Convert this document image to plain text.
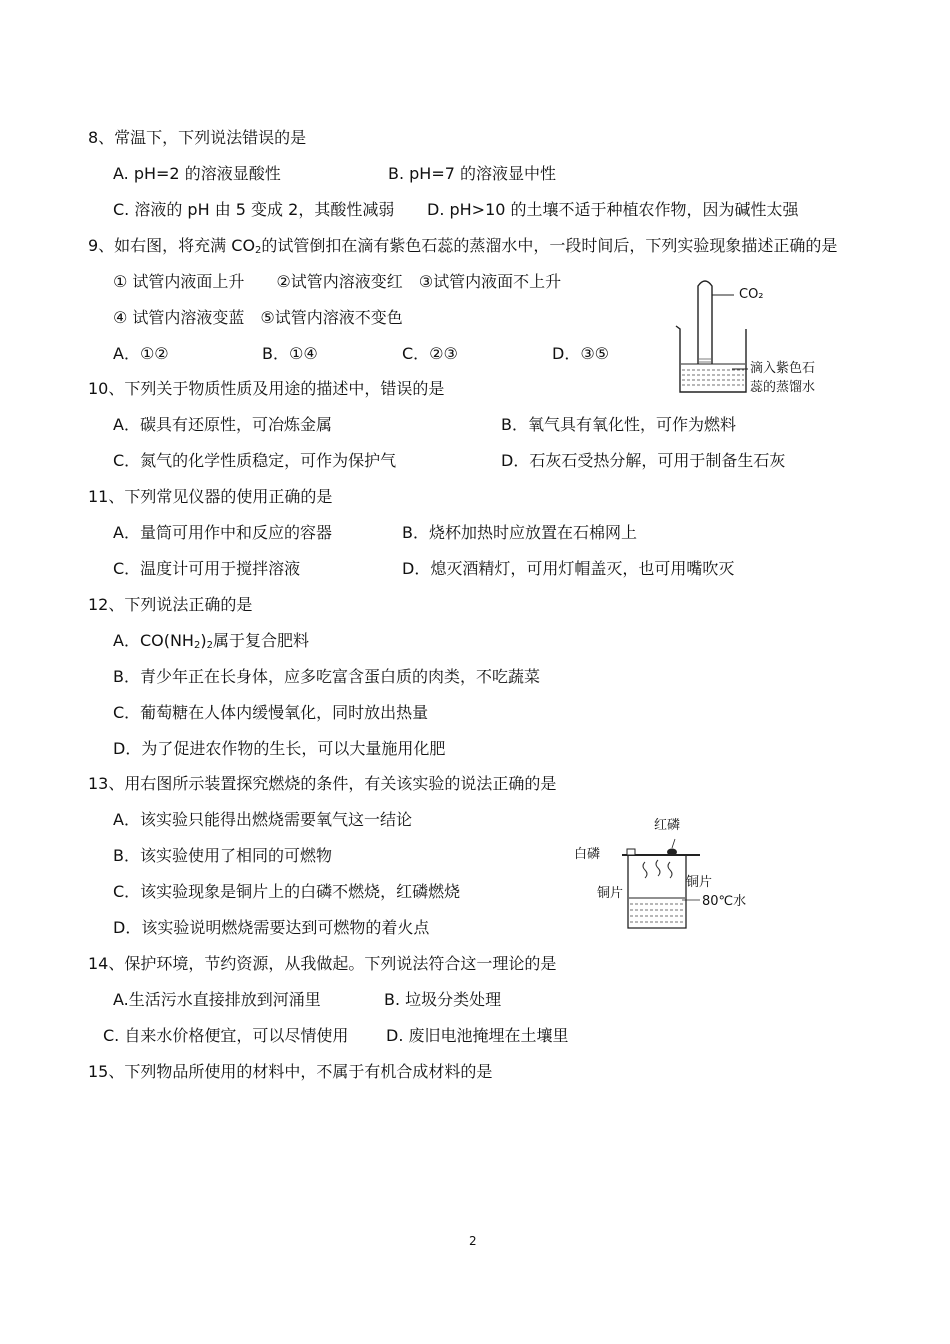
8、常温下，下列说法错误的是
A. pH=2 的溶液显酸性	B. pH=7 的溶液显中性
C. 溶液的 pH 由 5 变成 2，其酸性减弱 D. pH>10 的土壤不适于种植农作物，因为碱性太强
9、如右图，将充满 $CO_2$的试管倒扣在滴有紫色石蕊的蒸溜水中，一段时间后，下列实验现象描述正确的是
① 试管内液面上升　　②试管内溶液变红　③试管内液面不上升
④ 试管内溶液变蓝　⑤试管内溶液不变色
A．①②	B．①④	C．②③	D．③⑤
CO₂
滴入紫色石
蕊的蒸馏水
10、下列关于物质性质及用途的描述中，错误的是
A．碳具有还原性，可冶炼金属	B．氧气具有氧化性，可作为燃料
C．氮气的化学性质稳定，可作为保护气	D．石灰石受热分解，可用于制备生石灰
11、下列常见仪器的使用正确的是
A．量筒可用作中和反应的容器	B．烧杯加热时应放置在石棉网上
C．温度计可用于搅拌溶液	D．熄灭酒精灯，可用灯帽盖灭，也可用嘴吹灭
12、下列说法正确的是
A．$CO(NH_2)_2$属于复合肥料
B．青少年正在长身体，应多吃富含蛋白质的肉类，不吃蔬菜
C．葡萄糖在人体内缓慢氧化，同时放出热量
D．为了促进农作物的生长，可以大量施用化肥
13、用右图所示装置探究燃烧的条件，有关该实验的说法正确的是
A．该实验只能得出燃烧需要氧气这一结论
B．该实验使用了相同的可燃物
C．该实验现象是铜片上的白磷不燃烧，红磷燃烧
D．该实验说明燃烧需要达到可燃物的着火点
红磷
白磷
铜片
铜片
80℃水
14、保护环境，节约资源，从我做起。下列说法符合这一理论的是
A.生活污水直接排放到河涌里	B. 垃圾分类处理
C. 自来水价格便宜，可以尽情使用 D. 废旧电池掩埋在土壤里
15、下列物品所使用的材料中，不属于有机合成材料的是
2
